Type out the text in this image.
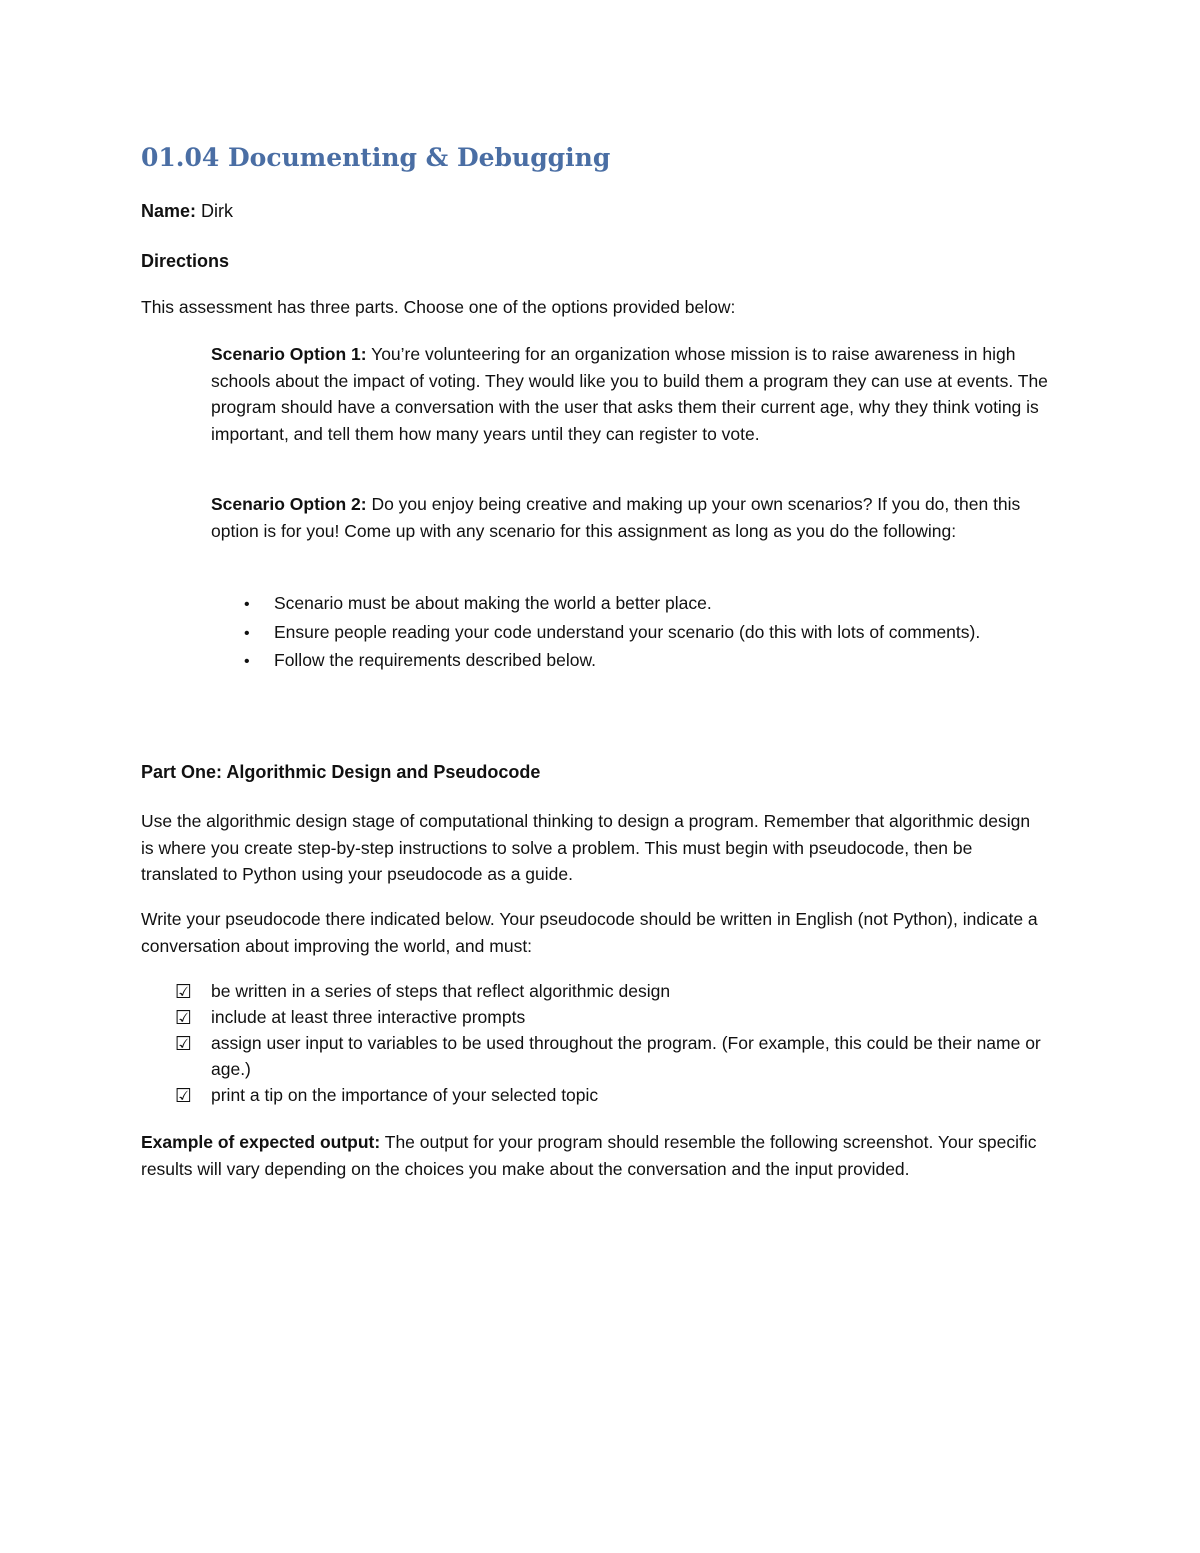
01.04 Documenting & Debugging
Name: Dirk
Directions
This assessment has three parts. Choose one of the options provided below:

Scenario Option 1: You’re volunteering for an organization whose mission is to raise awareness in high schools about the impact of voting. They would like you to build them a program they can use at events. The program should have a conversation with the user that asks them their current age, why they think voting is important, and tell them how many years until they can register to vote.

Scenario Option 2: Do you enjoy being creative and making up your own scenarios? If you do, then this option is for you! Come up with any scenario for this assignment as long as you do the following:

• Scenario must be about making the world a better place.
• Ensure people reading your code understand your scenario (do this with lots of comments).
• Follow the requirements described below.
Part One: Algorithmic Design and Pseudocode

Use the algorithmic design stage of computational thinking to design a program. Remember that algorithmic design is where you create step-by-step instructions to solve a problem. This must begin with pseudocode, then be translated to Python using your pseudocode as a guide.

Write your pseudocode there indicated below. Your pseudocode should be written in English (not Python), indicate a conversation about improving the world, and must:

☑ be written in a series of steps that reflect algorithmic design
☑ include at least three interactive prompts
☑ assign user input to variables to be used throughout the program. (For example, this could be their name or age.)
☑ print a tip on the importance of your selected topic

Example of expected output: The output for your program should resemble the following screenshot. Your specific results will vary depending on the choices you make about the conversation and the input provided.
